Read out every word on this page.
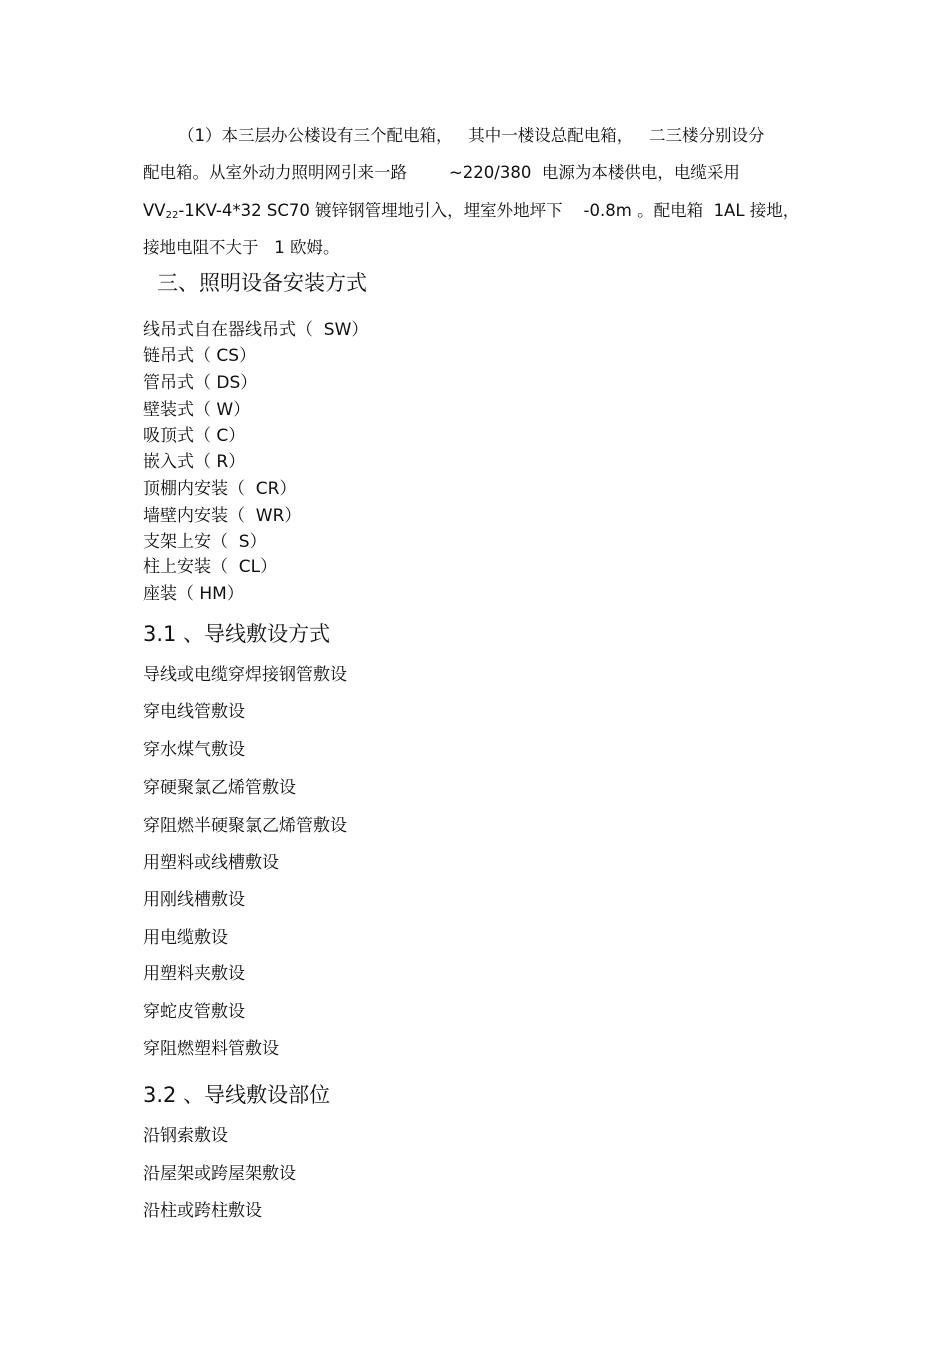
（1）本三层办公楼设有三个配电箱，   其中一楼设总配电箱，   二三楼分别设分
配电箱。从室外动力照明网引来一路        ~220/380  电源为本楼供电，电缆采用
VV22-1KV-4*32 SC70 镀锌钢管埋地引入，埋室外地坪下    -0.8m 。配电箱  1AL 接地，
接地电阻不大于   1 欧姆。
三、照明设备安装方式
线吊式自在器线吊式（  SW）
链吊式（ CS）
管吊式（ DS）
壁装式（ W）
吸顶式（ C）
嵌入式（ R）
顶棚内安装（  CR）
墙壁内安装（  WR）
支架上安（  S）
柱上安装（  CL）
座装（ HM）
3.1 、导线敷设方式
导线或电缆穿焊接钢管敷设
穿电线管敷设
穿水煤气敷设
穿硬聚氯乙烯管敷设
穿阻燃半硬聚氯乙烯管敷设
用塑料或线槽敷设
用刚线槽敷设
用电缆敷设
用塑料夹敷设
穿蛇皮管敷设
穿阻燃塑料管敷设
3.2 、导线敷设部位
沿钢索敷设
沿屋架或跨屋架敷设
沿柱或跨柱敷设
